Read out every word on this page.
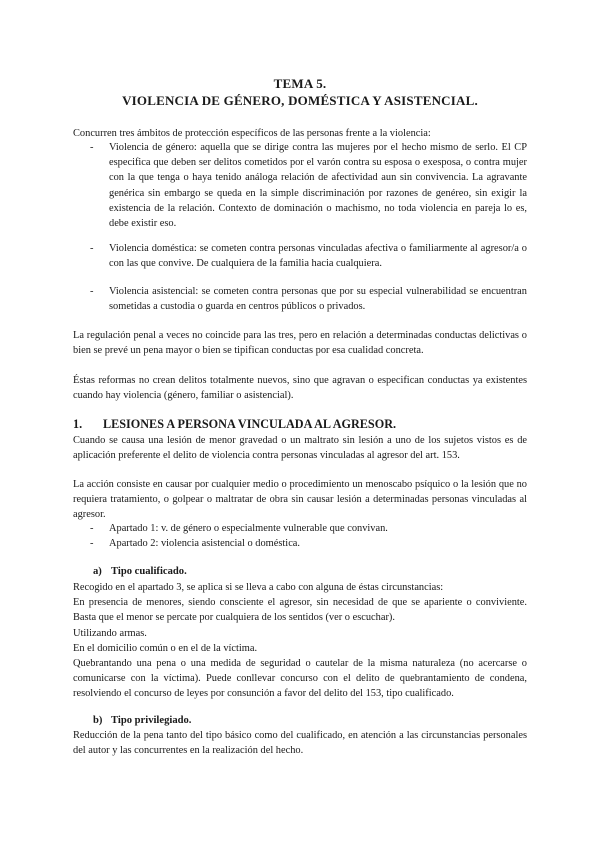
TEMA 5.
VIOLENCIA DE GÉNERO, DOMÉSTICA Y ASISTENCIAL.
Concurren tres ámbitos de protección específicos de las personas frente a la violencia:
- Violencia de género: aquella que se dirige contra las mujeres por el hecho mismo de serlo. El CP especifica que deben ser delitos cometidos por el varón contra su esposa o exesposa, o contra mujer con la que tenga o haya tenido análoga relación de afectividad aun sin convivencia. La agravante genérica sin embargo se queda en la simple discriminación por razones de genéreo, sin exigir la existencia de la relación. Contexto de dominación o machismo, no toda violencia en pareja lo es, debe existir eso.
- Violencia doméstica: se cometen contra personas vinculadas afectiva o familiarmente al agresor/a o con las que convive. De cualquiera de la familia hacia cualquiera.
- Violencia asistencial: se cometen contra personas que por su especial vulnerabilidad se encuentran sometidas a custodia o guarda en centros públicos o privados.
La regulación penal a veces no coincide para las tres, pero en relación a determinadas conductas delictivas o bien se prevé un pena mayor o bien se tipifican conductas por esa cualidad concreta.
Éstas reformas no crean delitos totalmente nuevos, sino que agravan o especifican conductas ya existentes cuando hay violencia (género, familiar o asistencial).
1. LESIONES A PERSONA VINCULADA AL AGRESOR.
Cuando se causa una lesión de menor gravedad o un maltrato sin lesión a uno de los sujetos vistos es de aplicación preferente el delito de violencia contra personas vinculadas al agresor del art. 153.
La acción consiste en causar por cualquier medio o procedimiento un menoscabo psíquico o la lesión que no requiera tratamiento, o golpear o maltratar de obra sin causar lesión a determinadas personas vinculadas al agresor.
- Apartado 1: v. de género o especialmente vulnerable que convivan.
- Apartado 2: violencia asistencial o doméstica.
a) Tipo cualificado.
Recogido en el apartado 3, se aplica si se lleva a cabo con alguna de éstas circunstancias:
En presencia de menores, siendo consciente el agresor, sin necesidad de que se apariente o conviviente. Basta que el menor se percate por cualquiera de los sentidos (ver o escuchar).
Utilizando armas.
En el domicilio común o en el de la víctima.
Quebrantando una pena o una medida de seguridad o cautelar de la misma naturaleza (no acercarse o comunicarse con la víctima). Puede conllevar concurso con el delito de quebrantamiento de condena, resolviendo el concurso de leyes por consunción a favor del delito del 153, tipo cualificado.
b) Tipo privilegiado.
Reducción de la pena tanto del tipo básico como del cualificado, en atención a las circunstancias personales del autor y las concurrentes en la realización del hecho.
